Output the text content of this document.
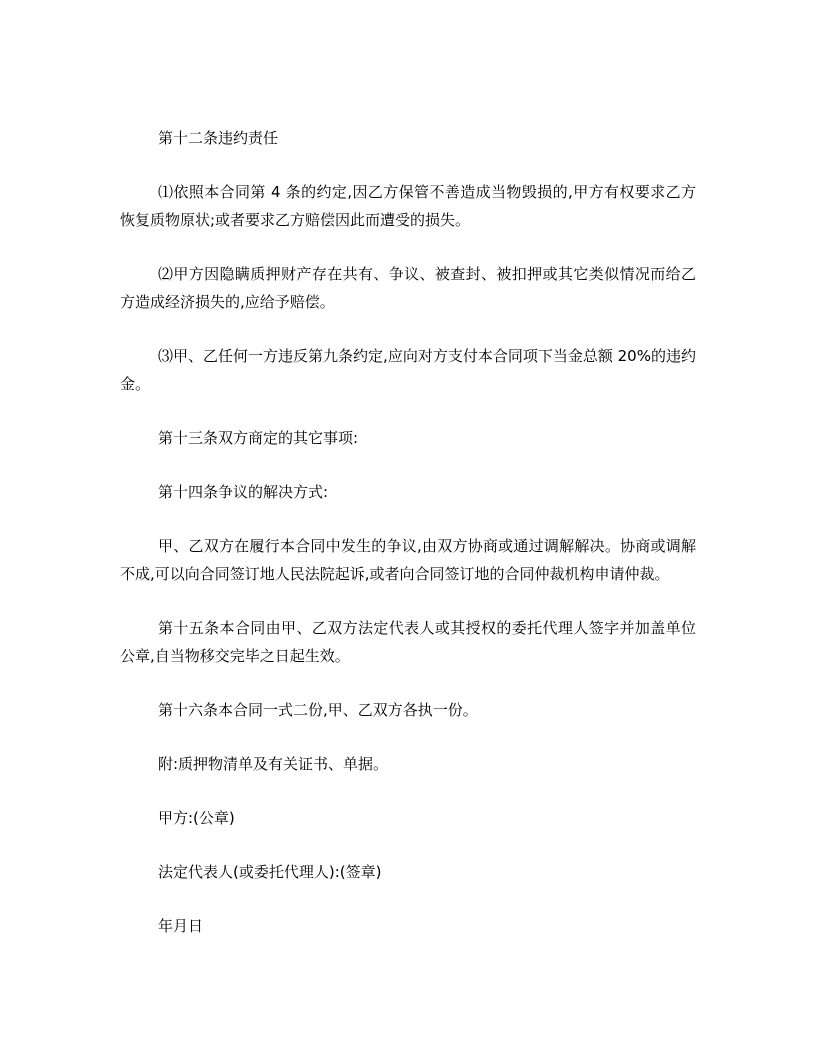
第十二条违约责任

⑴依照本合同第 4 条的约定,因乙方保管不善造成当物毁损的,甲方有权要求乙方恢复质物原状;或者要求乙方赔偿因此而遭受的损失。

⑵甲方因隐瞒质押财产存在共有、争议、被查封、被扣押或其它类似情况而给乙方造成经济损失的,应给予赔偿。

⑶甲、乙任何一方违反第九条约定,应向对方支付本合同项下当金总额 20%的违约金。

第十三条双方商定的其它事项:

第十四条争议的解决方式:

甲、乙双方在履行本合同中发生的争议,由双方协商或通过调解解决。协商或调解不成,可以向合同签订地人民法院起诉,或者向合同签订地的合同仲裁机构申请仲裁。

第十五条本合同由甲、乙双方法定代表人或其授权的委托代理人签字并加盖单位公章,自当物移交完毕之日起生效。

第十六条本合同一式二份,甲、乙双方各执一份。

附:质押物清单及有关证书、单据。

甲方:(公章)

法定代表人(或委托代理人):(签章)

年月日
